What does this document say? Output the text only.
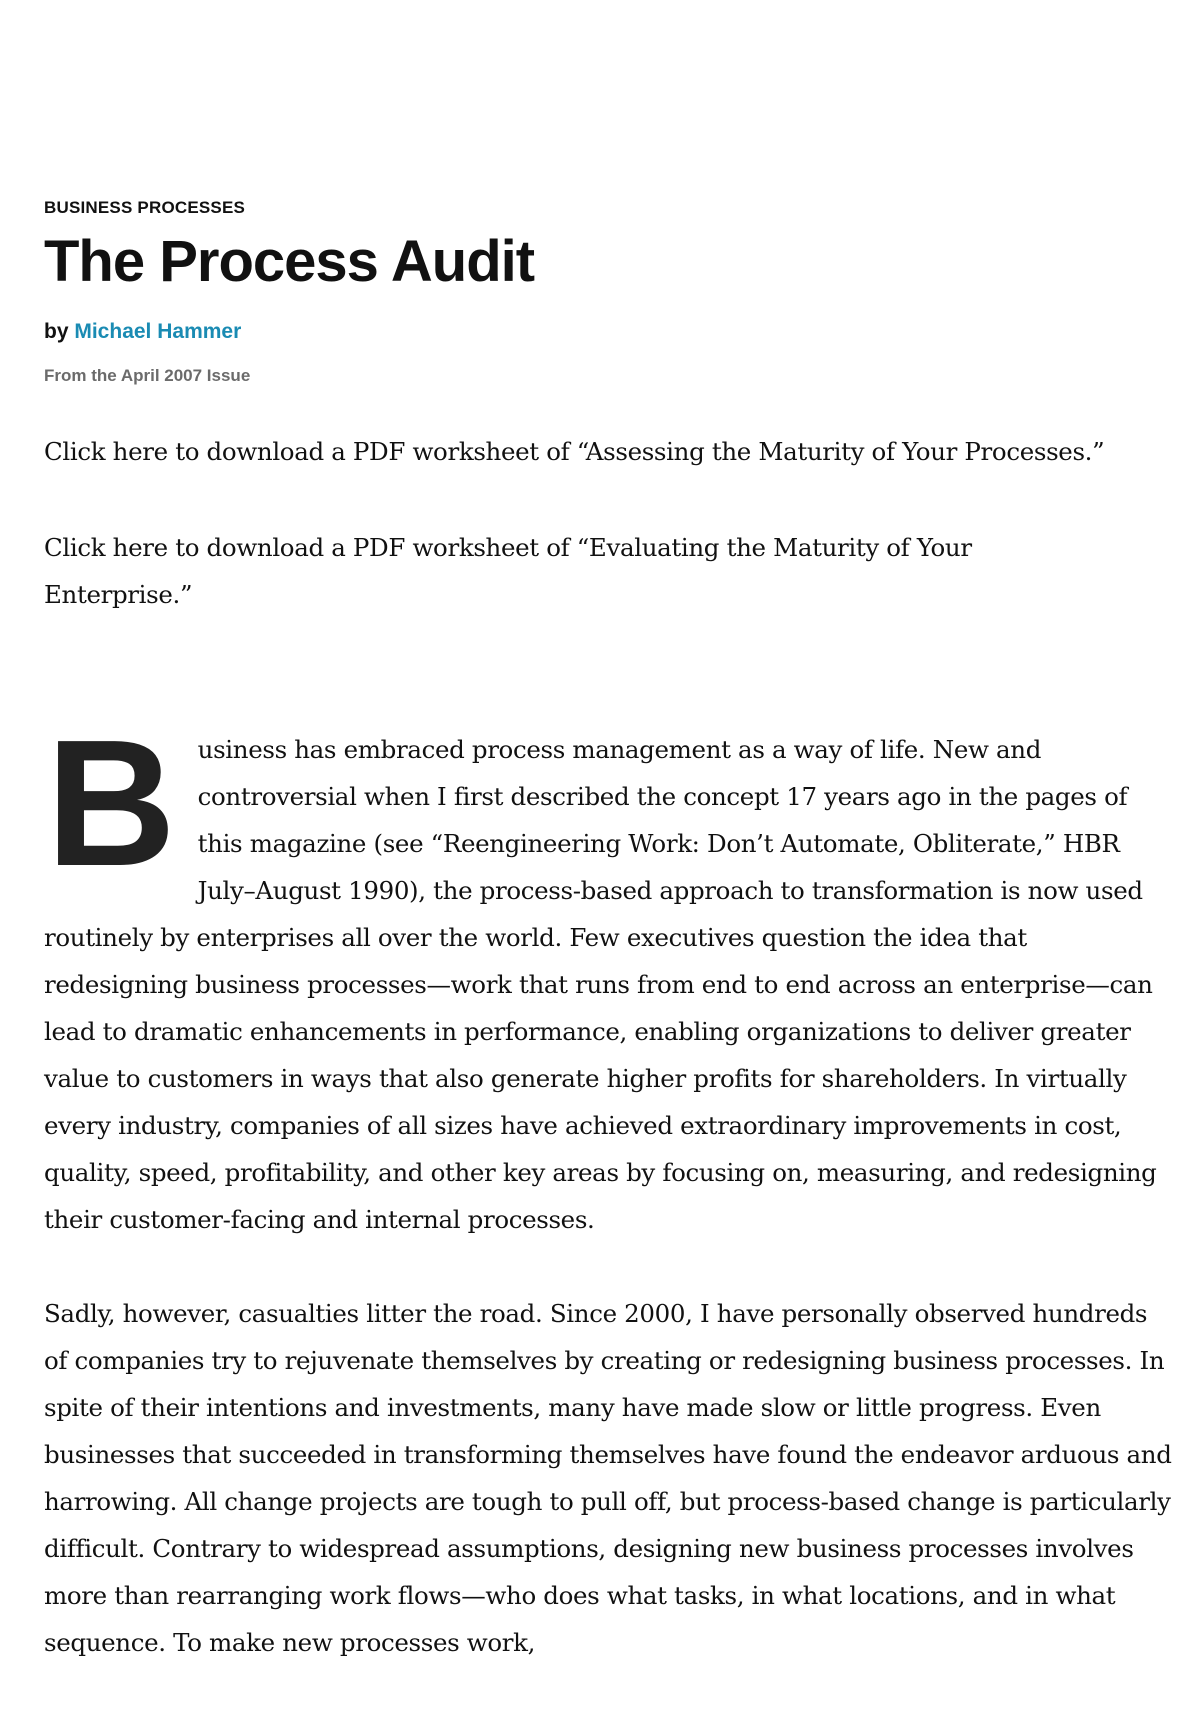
BUSINESS PROCESSES
The Process Audit
by Michael Hammer
From the April 2007 Issue
Click here to download a PDF worksheet of “Assessing the Maturity of Your Processes.”
Click here to download a PDF worksheet of “Evaluating the Maturity of Your Enterprise.”

Business has embraced process management as a way of life. New and controversial when I first described the concept 17 years ago in the pages of this magazine (see “Reengineering Work: Don’t Automate, Obliterate,” HBR July–August 1990), the process-based approach to transformation is now used routinely by enterprises all over the world. Few executives question the idea that redesigning business processes—work that runs from end to end across an enterprise—can lead to dramatic enhancements in performance, enabling organizations to deliver greater value to customers in ways that also generate higher profits for shareholders. In virtually every industry, companies of all sizes have achieved extraordinary improvements in cost, quality, speed, profitability, and other key areas by focusing on, measuring, and redesigning their customer-facing and internal processes.

Sadly, however, casualties litter the road. Since 2000, I have personally observed hundreds of companies try to rejuvenate themselves by creating or redesigning business processes. In spite of their intentions and investments, many have made slow or little progress. Even businesses that succeeded in transforming themselves have found the endeavor arduous and harrowing. All change projects are tough to pull off, but process-based change is particularly difficult. Contrary to widespread assumptions, designing new business processes involves more than rearranging work flows—who does what tasks, in what locations, and in what sequence. To make new processes work,
